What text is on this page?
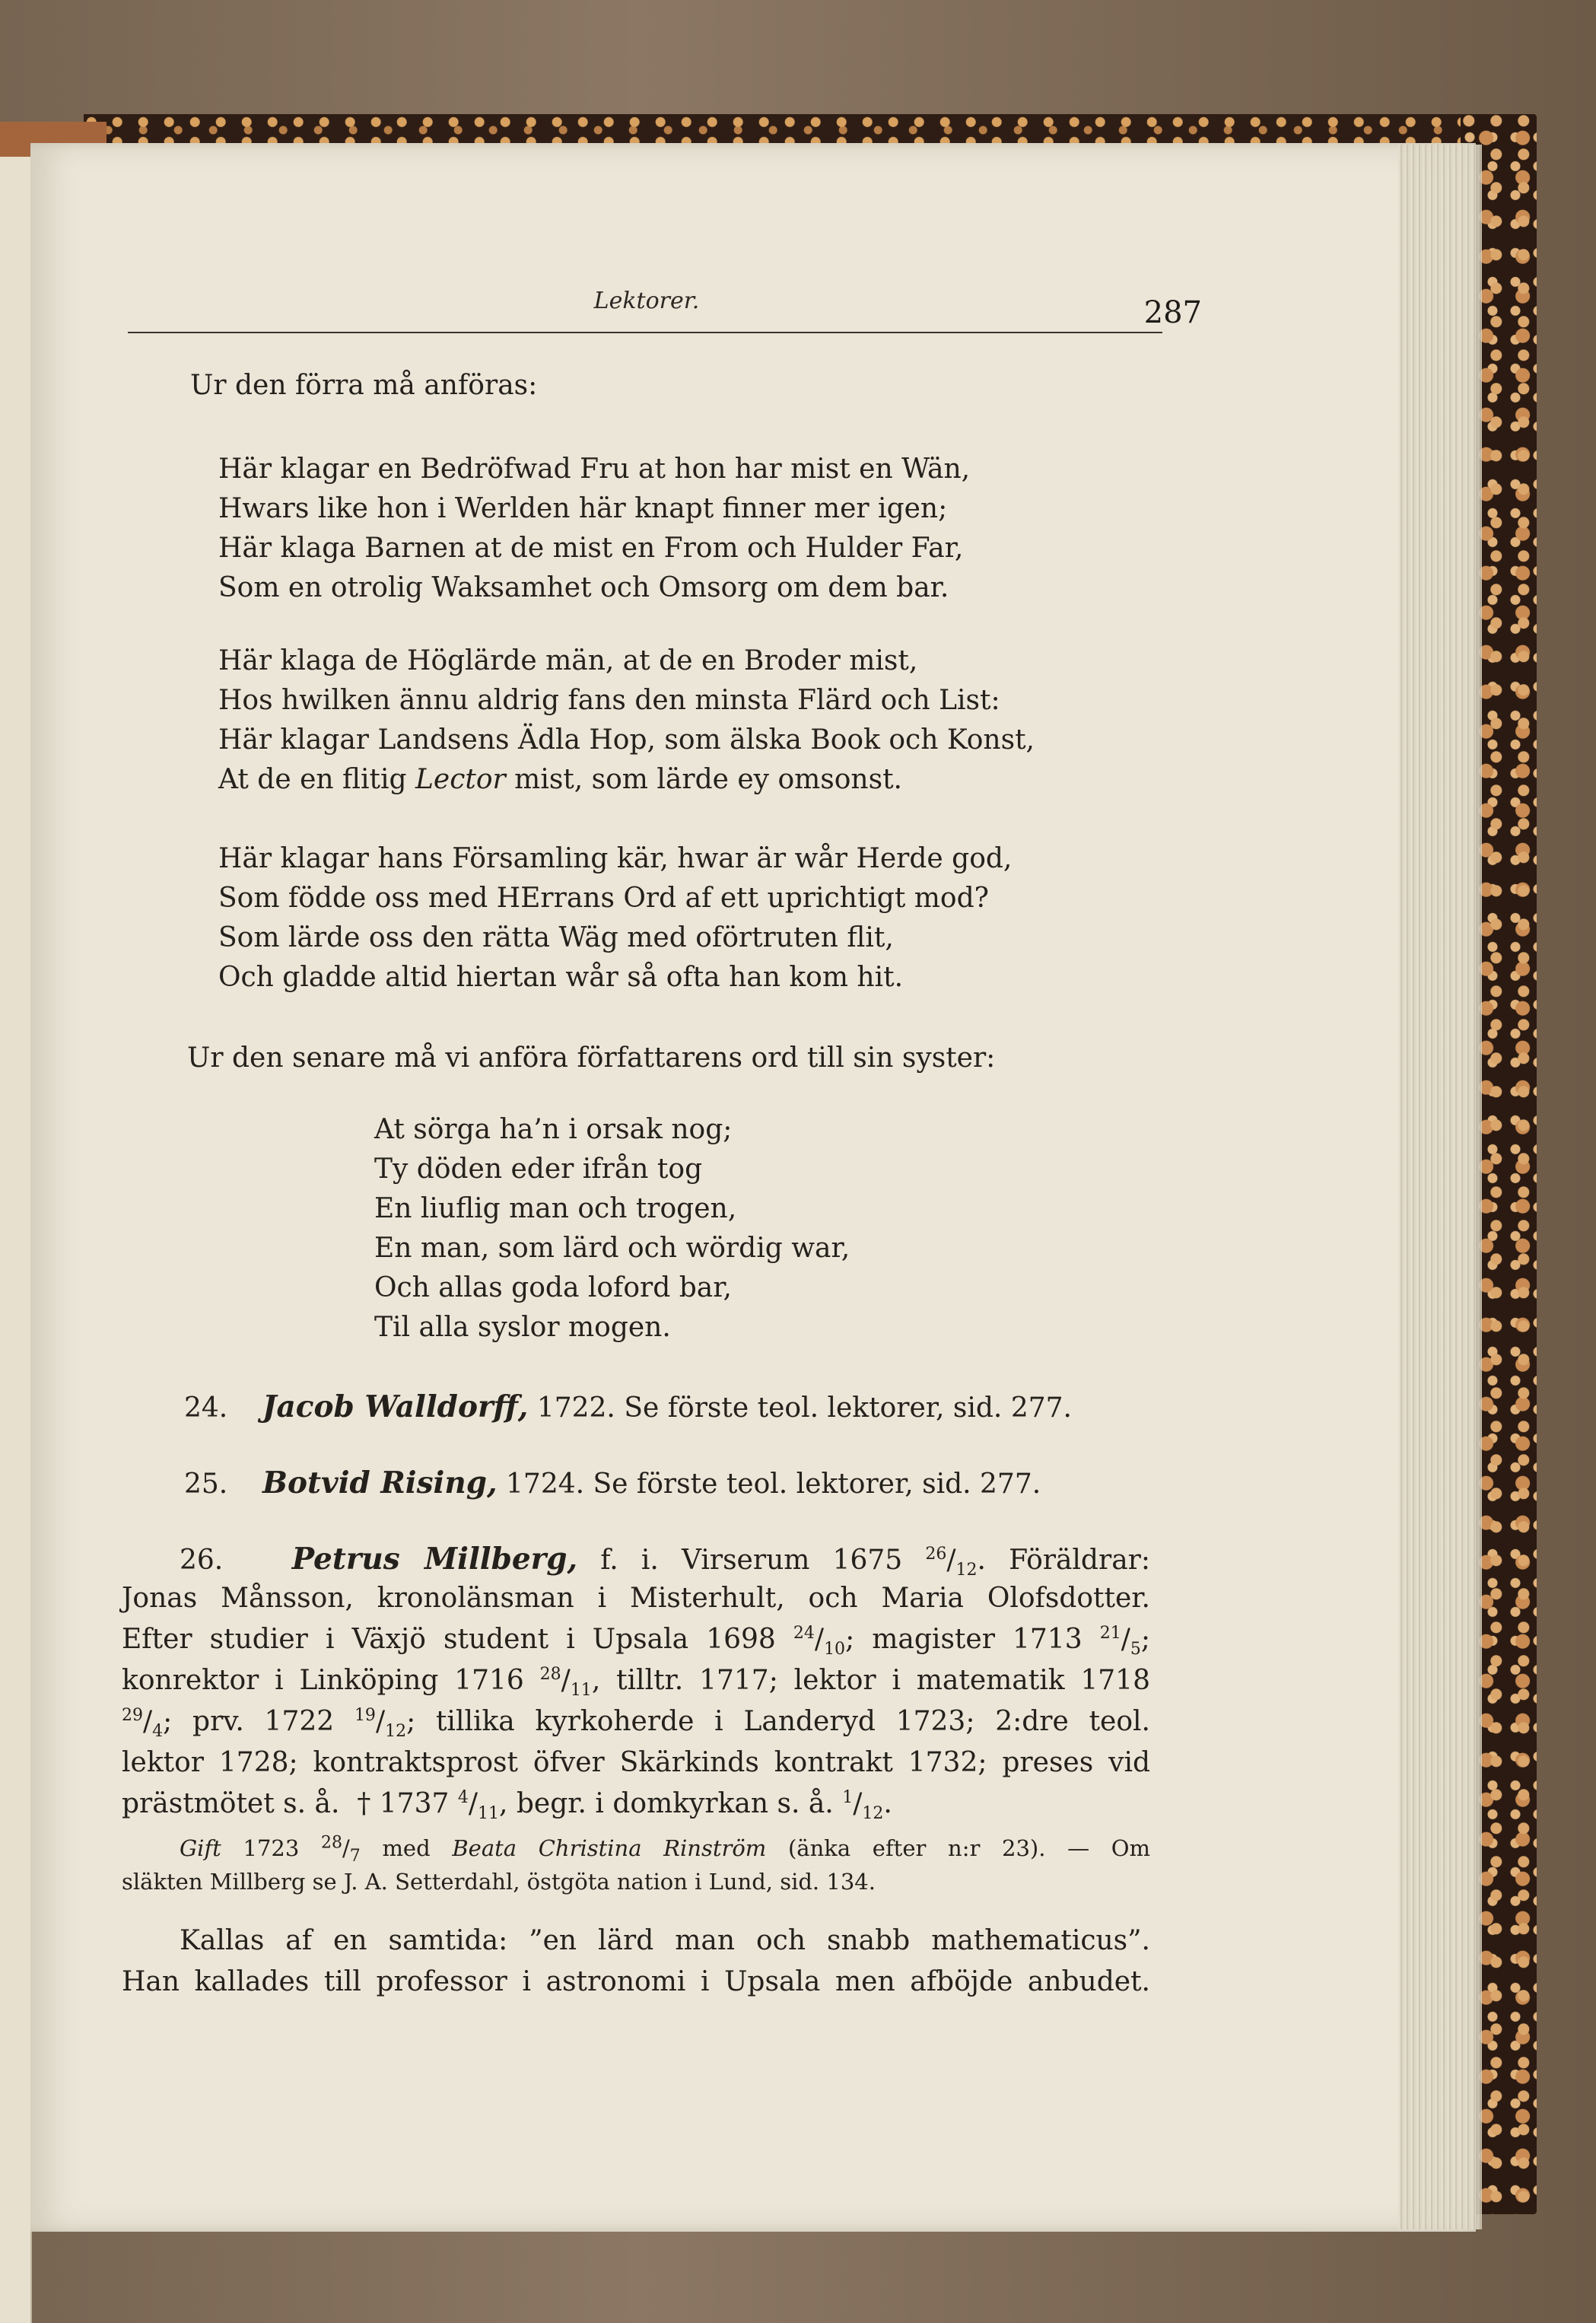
Lektorer.	287
Ur den förra må anföras:
Här klagar en Bedröfwad Fru at hon har mist en Wän,
Hwars like hon i Werlden här knapt finner mer igen;
Här klaga Barnen at de mist en From och Hulder Far,
Som en otrolig Waksamhet och Omsorg om dem bar.
Här klaga de Höglärde män, at de en Broder mist,
Hos hwilken ännu aldrig fans den minsta Flärd och List:
Här klagar Landsens Ädla Hop, som älska Book och Konst,
At de en flitig Lector mist, som lärde ey omsonst.
Här klagar hans Församling kär, hwar är wår Herde god,
Som födde oss med HErrans Ord af ett uprichtigt mod?
Som lärde oss den rätta Wäg med oförtruten flit,
Och gladde altid hiertan wår så ofta han kom hit.
Ur den senare må vi anföra författarens ord till sin syster:
At sörga ha’n i orsak nog;
Ty döden eder ifrån tog
En liuflig man och trogen,
En man, som lärd och wördig war,
Och allas goda loford bar,
Til alla syslor mogen.
24. Jacob Walldorff, 1722. Se förste teol. lektorer, sid. 277.
25. Botvid Rising, 1724. Se förste teol. lektorer, sid. 277.
26. Petrus Millberg, f. i. Virserum 1675 $^{26}/_{12}$. Föräldrar:
Jonas Månsson, kronolänsman i Misterhult, och Maria Olofsdotter.
Efter studier i Växjö student i Upsala 1698 $^{24}/_{10}$; magister 1713 $^{21}/_5$;
konrektor i Linköping 1716 $^{28}/_{11}$, tilltr. 1717; lektor i matematik 1718
$^{29}/_4$; prv. 1722 $^{19}/_{12}$; tillika kyrkoherde i Landeryd 1723; 2:dre teol.
lektor 1728; kontraktsprost öfver Skärkinds kontrakt 1732; preses vid
prästmötet s. å. † 1737 $^4/_{11}$, begr. i domkyrkan s. å. $^1/_{12}$.
Gift 1723 $^{28}/_7$ med Beata Christina Rinström (änka efter n:r 23). — Om
släkten Millberg se J. A. Setterdahl, östgöta nation i Lund, sid. 134.
Kallas af en samtida: ”en lärd man och snabb mathematicus”.
Han kallades till professor i astronomi i Upsala men afböjde anbudet.
